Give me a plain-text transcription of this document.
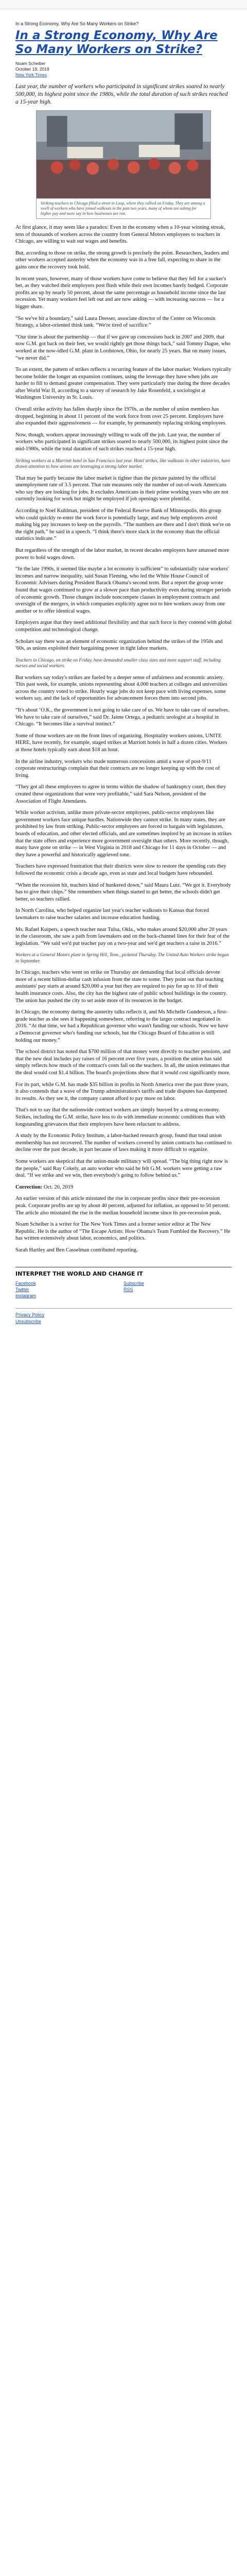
In a Strong Economy, Why Are So Many Workers on Strike?
In a Strong Economy, Why Are So Many Workers on Strike?
Noam Scheiber
October 19, 2019
New York Times

Last year, the number of workers who participated in significant strikes soared to nearly 500,000, its highest point since the 1980s, while the total duration of such strikes reached a 15-year high.

Striking teachers in Chicago filled a street in Loop, where they rallied on Friday. They are among a swell of workers who have joined walkouts in the past two years, many of whom are asking for higher pay and more say in how businesses are run.

At first glance, it may seem like a paradox: Even in the economy when a 10-year winning streak, tens of thousands of workers across the country from General Motors employees to teachers in Chicago, are willing to wait out wages and benefits.

But, according to those on strike, the strong growth is precisely the point. Researchers, leaders and other workers accepted austerity when the economy was in a free fall, expecting to share in the gains once the recovery took hold.

In recent years, however, many of those workers have come to believe that they fell for a sucker's bet, as they watched their employers post flush while their own incomes barely budged. Corporate profits are up by nearly 50 percent, about the same percentage as household income since the last recession. Yet many workers feel left out and are now asking — with increasing success — for a bigger share.

“So we've hit a boundary,” said Laura Dresser, associate director of the Center on Wisconsin Strategy, a labor-oriented think tank. “We're tired of sacrifice.”

“Our time is about the partnership — that if we gave up concessions back in 2007 and 2009, that now G.M. got back on their feet, we would rightly get those things back,” said Tommy Dague, who worked at the now-idled G.M. plant in Lordstown, Ohio, for nearly 25 years. But on many issues, “we never did.”

To an extent, the pattern of strikes reflects a recurring feature of the labor market: Workers typically become bolder the longer an expansion continues, using the leverage they have when jobs are harder to fill to demand greater compensation. They were particularly true during the three decades after World War II, according to a survey of research by Jake Rosenfeld, a sociologist at Washington University in St. Louis.

Overall strike activity has fallen sharply since the 1970s, as the number of union members has dropped, beginning in about 11 percent of the work force from over 25 percent. Employers have also expanded their aggressiveness — for example, by permanently replacing striking employees.

Now, though, workers appear increasingly willing to walk off the job. Last year, the number of workers who participated in significant strikes soared to nearly 500,000, its highest point since the mid-1980s, while the total duration of such strikes reached a 15-year high.

Striking workers at a Marriott hotel in San Francisco last year. Hotel strikes, like walkouts in other industries, have drawn attention to how unions are leveraging a strong labor market.

That may be partly because the labor market is tighter than the picture painted by the official unemployment rate of 3.5 percent. That rate measures only the number of out-of-work Americans who say they are looking for jobs. It excludes Americans in their prime working years who are not currently looking for work but might be employed if job openings were plentiful.

According to Noel Kuhlman, president of the Federal Reserve Bank of Minneapolis, this group who could quickly re-enter the work force is potentially large, and may help employers avoid making big pay increases to keep on the payrolls. “The numbers are there and I don't think we're on the right path,” he said in a speech. “I think there's more slack in the economy than the official statistics indicate.”

But regardless of the strength of the labor market, in recent decades employers have amassed more power to hold wages down.

“In the late 1990s, it seemed like maybe a lot economy is sufficient” to substantially raise workers' incomes and narrow inequality, said Susan Fleming, who led the White House Council of Economic Advisers during President Barack Obama's second term. But a report the group wrote found that wages continued to grow at a slower pace than productivity even during stronger periods of economic growth. Those changes include noncompete clauses in employment contracts and oversight of the mergers, in which companies explicitly agree not to hire workers away from one another or to offer identical wages.

Employers argue that they need additional flexibility and that such force is they contend with global competition and technological change.

Scholars say there was an element of economic organization behind the strikes of the 1950s and '60s, as unions exploited their bargaining power in tight labor markets.

Teachers in Chicago, on strike on Friday, have demanded smaller class sizes and more support staff, including nurses and social workers.

But workers say today's strikes are fueled by a deeper sense of unfairness and economic anxiety. This past week, for example, unions representing about 4,000 teachers at colleges and universities across the country voted to strike. Hourly wage jobs do not keep pace with living expenses, some workers say, and the lack of opportunities for advancement forces them into second jobs.

“It's about ‘O.K., the government is not going to take care of us. We have to take care of ourselves. We have to take care of ourselves,” said Dr. Jaime Ortega, a pediatric urologist at a hospital in Chicago. “It becomes like a survival instinct.”

Some of those workers are on the front lines of organizing. Hospitality workers unions, UNITE HERE, have recently, for example, staged strikes at Marriott hotels in half a dozen cities. Workers at those hotels typically earn about $18 an hour.

In the airline industry, workers who made numerous concessions amid a wave of post-9/11 corporate restructurings complain that their contracts are no longer keeping up with the cost of living.

“They got all these employees to agree in terms within the shadow of bankruptcy court, then they created these organizations that were very profitable,” said Sara Nelson, president of the Association of Flight Attendants.

While worker activism, unlike more private-sector employees, public-sector employees like government workers face unique hurdles. Nationwide they cannot strike. In many states, they are prohibited by law from striking. Public-sector employees are forced to bargain with legislatures, boards of education, and other elected officials, and are sometimes inspired by an increase in strikes that the state offers and experience more government oversight than others. More recently, though, many have gone on strike — in West Virginia in 2018 and Chicago for 11 days in October — and they have a powerful and historically aggrieved tone.

Teachers have expressed frustration that their districts were slow to restore the spending cuts they followed the economic crisis a decade ago, even as state and local budgets have rebounded.

“When the recession hit, teachers kind of hunkered down,” said Maura Lutz. “We got it. Everybody has to give their chips.” She remembers when things started to get better, the schools didn't get better, so teachers rallied.

In North Carolina, who helped organize last year's teacher walkouts to Kansas that forced lawmakers to raise teacher salaries and increase education funding.

Ms. Rafael Kuipers, a speech teacher near Tulsa, Okla., who makes around $20,000 after 20 years in the classroom, she saw a path from lawmakers and on the back-channel lines for their fear of the legislation. “We said we'd put teacher pay on a two-year and we'd get teachers a raise in 2016.”

Workers at a General Motors plant in Spring Hill, Tenn., picketed Thursday. The United Auto Workers strike began in September.

In Chicago, teachers who went on strike on Thursday are demanding that local officials devote more of a recent billion-dollar cash infusion from the state to some. They point out that teaching assistants' pay starts at around $20,000 a year but they are required to pay for up to 10 of their health insurance costs. Also, the city has the highest rate of public school buildings in the country. The union has pushed the city to set aside more of its resources in the budget.

In Chicago, the economy during the austerity talks reflects it, and Ms Michelle Gunderson, a first-grade teacher as she sees it happening somewhere, referring to the larger contract negotiated in 2016. “At that time, we had a Republican governor who wasn't funding our schools. Now we have a Democrat governor who's funding our schools, but the Chicago Board of Education is still holding our money.”

The school district has noted that $700 million of that money went directly to teacher pensions, and that the new deal includes pay raises of 16 percent over five years, a position the union has said simply reflects how much of the contract's costs fall on the teachers. In all, the union estimates that the deal would cost $1.4 billion. The board's projections show that it would cost significantly more.

For its part, while G.M. has made $35 billion in profits in North America over the past three years, it also contends that a wave of the Trump administration's tariffs and trade disputes has dampened its results. As they see it, the company cannot afford to pay more on labor.

That's not to say that the nationwide contract workers are simply buoyed by a strong economy. Strikes, including the G.M. strike, have less to do with immediate economic conditions than with longstanding grievances that their employers have been reluctant to address.

A study by the Economic Policy Institute, a labor-backed research group, found that total union membership has not recovered. The number of workers covered by union contracts has continued to decline over the past decade, in part because of laws making it more difficult to organize.

Some workers are skeptical that the union-made militancy will spread. “The big thing right now is the people,” said Ray Cokely, an auto worker who said he felt G.M. workers were getting a raw deal. “If we strike and we win, then everybody's going to follow behind us.”

Correction: Oct. 20, 2019

An earlier version of this article misstated the rise in corporate profits since their pre-recession peak. Corporate profits are up by about 40 percent, adjusted for inflation, as opposed to 50 percent. The article also misstated the rise in the median household income since its pre-recession peak.

Noam Scheiber is a writer for The New York Times and a former senior editor at The New Republic. He is the author of “The Escape Artists: How Obama's Team Fumbled the Recovery.” He has written extensively about labor, economics, and politics.

Sarah Hartley and Ben Casselman contributed reporting.

INTERPRET THE WORLD AND CHANGE IT
Facebook
Twitter
Instagram
Subscribe
RSS
Privacy Policy
Unsubscribe
